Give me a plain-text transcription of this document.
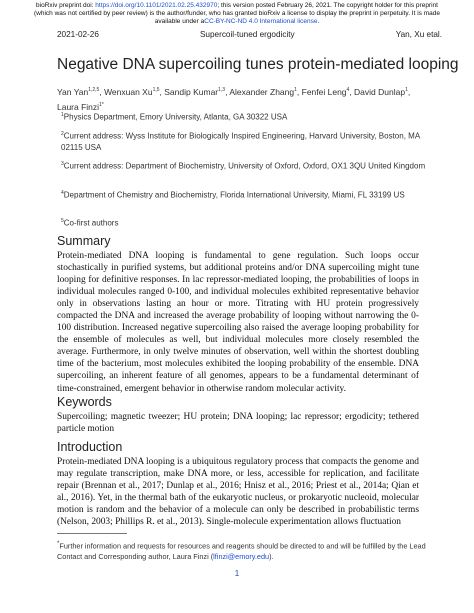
bioRxiv preprint doi: https://doi.org/10.1101/2021.02.25.432970; this version posted February 26, 2021. The copyright holder for this preprint
(which was not certified by peer review) is the author/funder, who has granted bioRxiv a license to display the preprint in perpetuity. It is made
available under aCC-BY-NC-ND 4.0 International license.
2021-02-26	Supercoil-tuned ergodicity	Yan, Xu etal.
Negative DNA supercoiling tunes protein-mediated looping
Yan Yan$^{1,2,5}$, Wenxuan Xu$^{1,5}$, Sandip Kumar$^{1,3}$, Alexander Zhang$^1$, Fenfei Leng$^4$, David Dunlap$^1$, Laura Finzi$^{1*}$
$^1$Physics Department, Emory University, Atlanta, GA 30322 USA
$^2$Current address: Wyss Institute for Biologically Inspired Engineering, Harvard University, Boston, MA 02115 USA
$^3$Current address: Department of Biochemistry, University of Oxford, Oxford, OX1 3QU United Kingdom
$^4$Department of Chemistry and Biochemistry, Florida International University, Miami, FL 33199 US
$^5$Co-first authors
Summary
Protein-mediated DNA looping is fundamental to gene regulation. Such loops occur stochastically in purified systems, but additional proteins and/or DNA supercoiling might tune looping for definitive responses. In lac repressor-mediated looping, the probabilities of loops in individual molecules ranged 0-100, and individual molecules exhibited representative behavior only in observations lasting an hour or more. Titrating with HU protein progressively compacted the DNA and increased the average probability of looping without narrowing the 0-100 distribution. Increased negative supercoiling also raised the average looping probability for the ensemble of molecules as well, but individual molecules more closely resembled the average. Furthermore, in only twelve minutes of observation, well within the shortest doubling time of the bacterium, most molecules exhibited the looping probability of the ensemble. DNA supercoiling, an inherent feature of all genomes, appears to be a fundamental determinant of time-constrained, emergent behavior in otherwise random molecular activity.
Keywords
Supercoiling; magnetic tweezer; HU protein; DNA looping; lac repressor; ergodicity; tethered particle motion
Introduction
Protein-mediated DNA looping is a ubiquitous regulatory process that compacts the genome and may regulate transcription, make DNA more, or less, accessible for replication, and facilitate repair (Brennan et al., 2017; Dunlap et al., 2016; Hnisz et al., 2016; Priest et al., 2014a; Qian et al., 2016). Yet, in the thermal bath of the eukaryotic nucleus, or prokaryotic nucleoid, molecular motion is random and the behavior of a molecule can only be described in probabilistic terms (Nelson, 2003; Phillips R. et al., 2013). Single-molecule experimentation allows fluctuation
*Further information and requests for resources and reagents should be directed to and will be fulfilled by the Lead Contact and Corresponding author, Laura Finzi (lfinzi@emory.edu).
1
